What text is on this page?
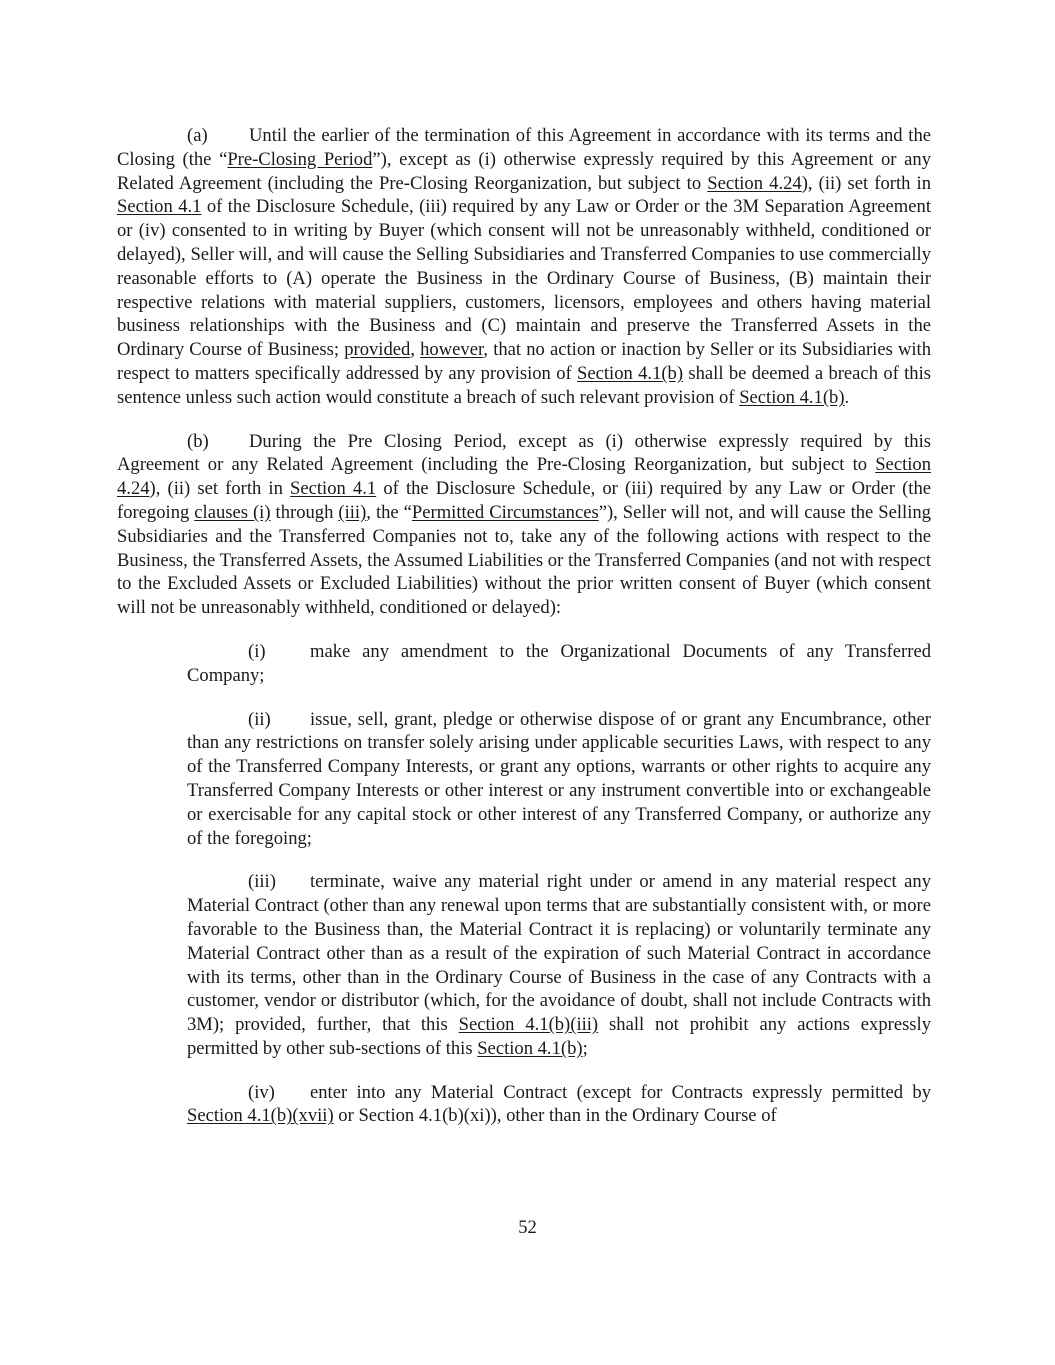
(a) Until the earlier of the termination of this Agreement in accordance with its terms and the Closing (the “Pre-Closing Period”), except as (i) otherwise expressly required by this Agreement or any Related Agreement (including the Pre-Closing Reorganization, but subject to Section 4.24), (ii) set forth in Section 4.1 of the Disclosure Schedule, (iii) required by any Law or Order or the 3M Separation Agreement or (iv) consented to in writing by Buyer (which consent will not be unreasonably withheld, conditioned or delayed), Seller will, and will cause the Selling Subsidiaries and Transferred Companies to use commercially reasonable efforts to (A) operate the Business in the Ordinary Course of Business, (B) maintain their respective relations with material suppliers, customers, licensors, employees and others having material business relationships with the Business and (C) maintain and preserve the Transferred Assets in the Ordinary Course of Business; provided, however, that no action or inaction by Seller or its Subsidiaries with respect to matters specifically addressed by any provision of Section 4.1(b) shall be deemed a breach of this sentence unless such action would constitute a breach of such relevant provision of Section 4.1(b).

(b) During the Pre Closing Period, except as (i) otherwise expressly required by this Agreement or any Related Agreement (including the Pre-Closing Reorganization, but subject to Section 4.24), (ii) set forth in Section 4.1 of the Disclosure Schedule, or (iii) required by any Law or Order (the foregoing clauses (i) through (iii), the “Permitted Circumstances”), Seller will not, and will cause the Selling Subsidiaries and the Transferred Companies not to, take any of the following actions with respect to the Business, the Transferred Assets, the Assumed Liabilities or the Transferred Companies (and not with respect to the Excluded Assets or Excluded Liabilities) without the prior written consent of Buyer (which consent will not be unreasonably withheld, conditioned or delayed):

(i) make any amendment to the Organizational Documents of any Transferred Company;

(ii) issue, sell, grant, pledge or otherwise dispose of or grant any Encumbrance, other than any restrictions on transfer solely arising under applicable securities Laws, with respect to any of the Transferred Company Interests, or grant any options, warrants or other rights to acquire any Transferred Company Interests or other interest or any instrument convertible into or exchangeable or exercisable for any capital stock or other interest of any Transferred Company, or authorize any of the foregoing;

(iii) terminate, waive any material right under or amend in any material respect any Material Contract (other than any renewal upon terms that are substantially consistent with, or more favorable to the Business than, the Material Contract it is replacing) or voluntarily terminate any Material Contract other than as a result of the expiration of such Material Contract in accordance with its terms, other than in the Ordinary Course of Business in the case of any Contracts with a customer, vendor or distributor (which, for the avoidance of doubt, shall not include Contracts with 3M); provided, further, that this Section 4.1(b)(iii) shall not prohibit any actions expressly permitted by other sub-sections of this Section 4.1(b);

(iv) enter into any Material Contract (except for Contracts expressly permitted by Section 4.1(b)(xvii) or Section 4.1(b)(xi)), other than in the Ordinary Course of

52
